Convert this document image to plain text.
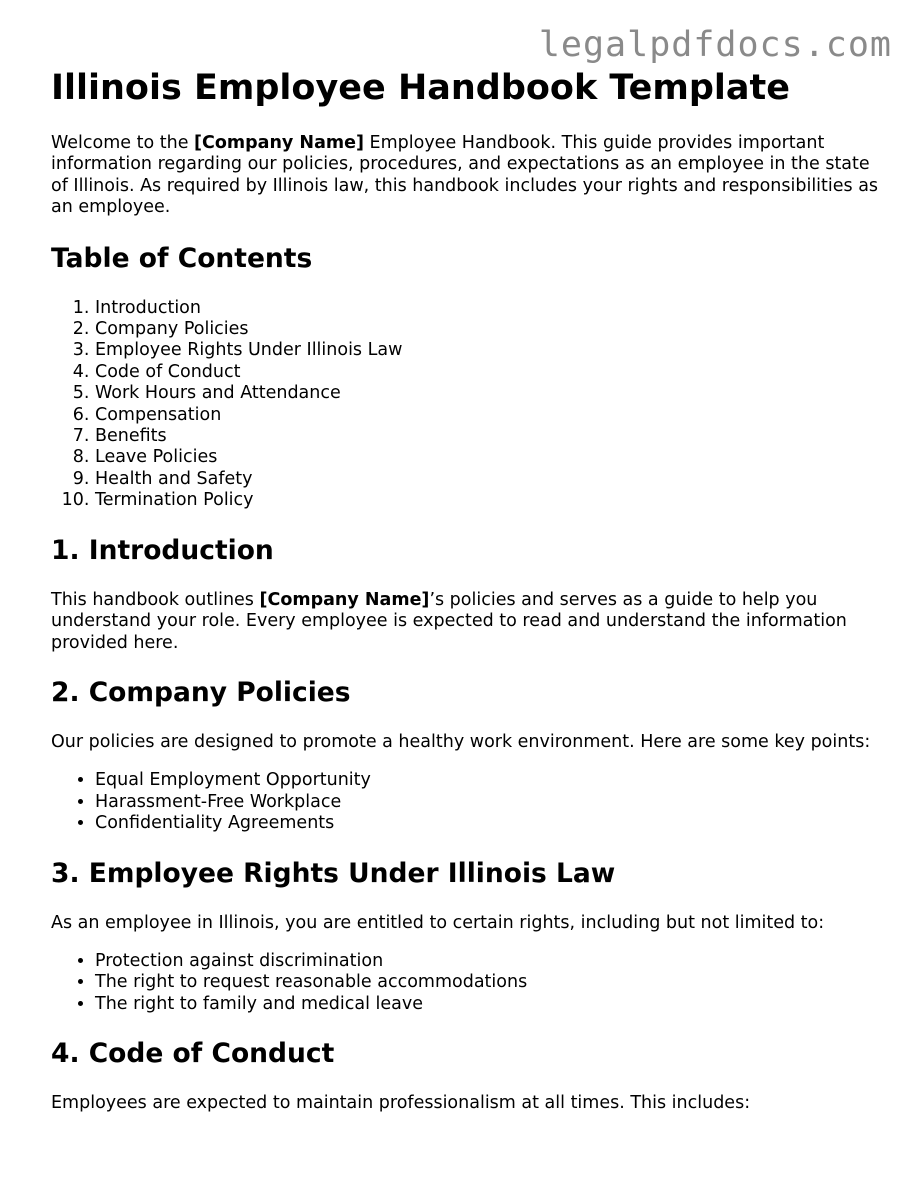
legalpdfdocs.com
Illinois Employee Handbook Template

Welcome to the [Company Name] Employee Handbook. This guide provides important information regarding our policies, procedures, and expectations as an employee in the state of Illinois. As required by Illinois law, this handbook includes your rights and responsibilities as an employee.

Table of Contents
1. Introduction
2. Company Policies
3. Employee Rights Under Illinois Law
4. Code of Conduct
5. Work Hours and Attendance
6. Compensation
7. Benefits
8. Leave Policies
9. Health and Safety
10. Termination Policy
1. Introduction

This handbook outlines [Company Name]’s policies and serves as a guide to help you understand your role. Every employee is expected to read and understand the information provided here.

2. Company Policies

Our policies are designed to promote a healthy work environment. Here are some key points:

• Equal Employment Opportunity
• Harassment-Free Workplace
• Confidentiality Agreements
3. Employee Rights Under Illinois Law

As an employee in Illinois, you are entitled to certain rights, including but not limited to:

• Protection against discrimination
• The right to request reasonable accommodations
• The right to family and medical leave
4. Code of Conduct

Employees are expected to maintain professionalism at all times. This includes:
